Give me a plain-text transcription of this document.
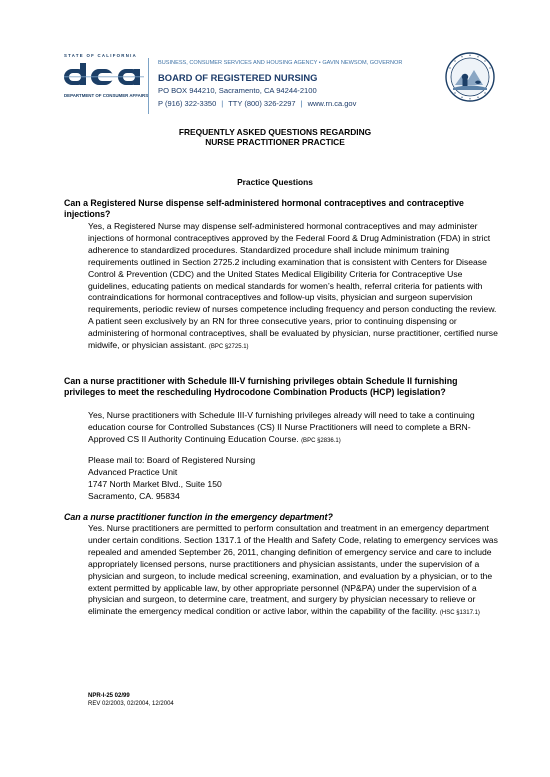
STATE OF CALIFORNIA
DEPARTMENT OF CONSUMER AFFAIRS
BUSINESS, CONSUMER SERVICES AND HOUSING AGENCY • GAVIN NEWSOM, GOVERNOR
BOARD OF REGISTERED NURSING
PO BOX 944210, Sacramento, CA 94244-2100
P (916) 322-3350 | TTY (800) 326-2297 | www.rn.ca.gov
FREQUENTLY ASKED QUESTIONS REGARDING
NURSE PRACTITIONER PRACTICE
Practice Questions
Can a Registered Nurse dispense self-administered hormonal contraceptives and contraceptive injections?
Yes, a Registered Nurse may dispense self-administered hormonal contraceptives and may administer injections of hormonal contraceptives approved by the Federal Foord & Drug Administration (FDA) in strict adherence to standardized procedures. Standardized procedure shall include minimum training requirements outlined in Section 2725.2 including examination that is consistent with Centers for Disease Control & Prevention (CDC) and the United States Medical Eligibility Criteria for Contraceptive Use guidelines, educating patients on medical standards for women’s health, referral criteria for patients with contraindications for hormonal contraceptives and follow-up visits, physician and surgeon supervision requirements, periodic review of nurses competence including frequency and person conducting the review. A patient seen exclusively by an RN for three consecutive years, prior to continuing dispensing or administering of hormonal contraceptives, shall be evaluated by physician, nurse practitioner, certified nurse midwife, or physician assistant. (BPC §2725.1)
Can a nurse practitioner with Schedule III-V furnishing privileges obtain Schedule II furnishing privileges to meet the rescheduling Hydrocodone Combination Products (HCP) legislation?
Yes, Nurse practitioners with Schedule III-V furnishing privileges already will need to take a continuing education course for Controlled Substances (CS) II Nurse Practitioners will need to complete a BRN-Approved CS II Authority Continuing Education Course. (BPC §2836.1)
Please mail to: Board of Registered Nursing
Advanced Practice Unit
1747 North Market Blvd., Suite 150
Sacramento, CA. 95834
Can a nurse practitioner function in the emergency department?
Yes. Nurse practitioners are permitted to perform consultation and treatment in an emergency department under certain conditions. Section 1317.1 of the Health and Safety Code, relating to emergency services was repealed and amended September 26, 2011, changing definition of emergency service and care to include appropriately licensed persons, nurse practitioners and physician assistants, under the supervision of a physician and surgeon, to include medical screening, examination, and evaluation by a physician, or to the extent permitted by applicable law, by other appropriate personnel (NP&PA) under the supervision of a physician and surgeon, to determine care, treatment, and surgery by physician necessary to relieve or eliminate the emergency medical condition or active labor, within the capability of the facility. (HSC §1317.1)
NPR-I-25 02/99
REV 02/2003, 02/2004, 12/2004
